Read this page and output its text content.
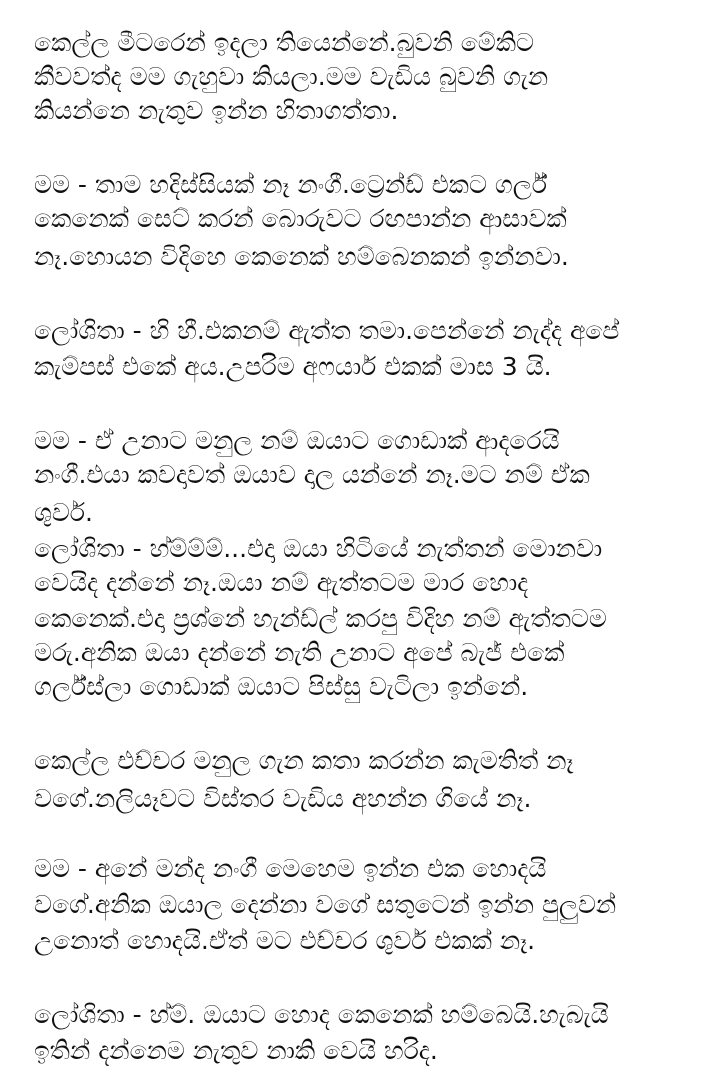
කෙල්ල මීටරෙන් ඉදලා තියෙන්නේ.බුවනි මේකිට
කීවවත්ද මම ගැහුවා කියලා.මම වැඩිය බුවනි ගැන
කියන්නෙ නැතුව ඉන්න හිතාගත්තා.
මම - තාම හදිස්සියක් නෑ නංගී.ට්‍රෙන්ඩ් එකට ගර්ල්
කෙනෙක් සෙට් කරන් බොරුවට රඟපාන්න ආසාවක්
නෑ.හොයන විදිහෙ කෙනෙක් හම්බෙනකන් ඉන්නවා.
ලෝශිතා - හි හී.එකනම් ඇත්ත තමා.පෙන්නේ නැද්ද අපේ
කැම්පස් එකේ අය.උපරිම අෆයාර් එකක් මාස 3 යි.
මම - ඒ උනාට මනුල නම් ඔයාට ගොඩාක් ආදරෙයි
නංගී.එයා කවදාවත් ඔයාව දාල යන්නේ නෑ.මට නම් ඒක
ශුවර්.
ලෝශිතා - හ්ම්ම්ම්...එදා ඔයා හිටියේ නැත්තන් මොනවා
වෙයිද දන්නේ නෑ.ඔයා නම් ඇත්තටම මාර හොද
කෙනෙක්.එදා ප්‍රශ්නේ හැන්ඩ්ල් කරපු විදිහ නම් ඇත්තටම
මරු.අනික ඔයා දන්නේ නැති උනාට අපේ බැජ් එකේ
ගර්ල්ස්ලා ගොඩාක් ඔයාට පිස්සු වැටිලා ඉන්නේ.
කෙල්ල එච්චර මනුල ගැන කතා කරන්න කැමතිත් නෑ
වගේ.නලියෑවට විස්තර වැඩිය අහන්න ගියේ නෑ.
මම - අනේ මන්ද නංගී මෙහෙම ඉන්න එක හොදයි
වගේ.අනික ඔයාල දෙන්නා වගේ සතුටෙන් ඉන්න පුලුවන්
උනොත් හොදයි.ඒත් මට එච්චර ශුවර් එකක් නෑ.
ලෝශිතා - හ්ම්. ඔයාට හොද කෙනෙක් හම්බෙයි.හැබැයි
ඉතින් දන්නෙම නැතුව නාකි වෙයි හරිද.
